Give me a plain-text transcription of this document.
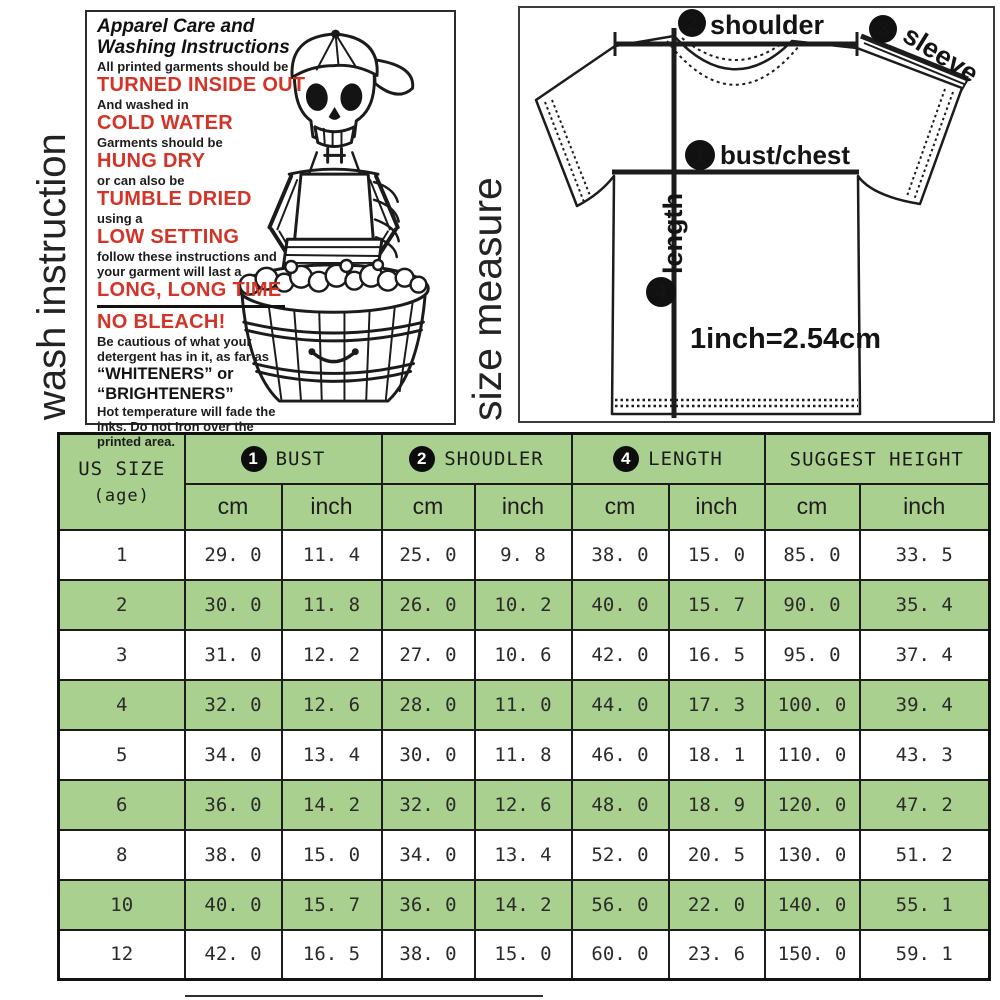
wash instruction	size measure
Apparel Care and
Washing Instructions
All printed garments should be
TURNED INSIDE OUT
And washed in
COLD WATER
Garments should be
HUNG DRY
or can also be
TUMBLE DRIED
using a
LOW SETTING
follow these instructions and
your garment will last a
LONG, LONG TIME
NO BLEACH!
Be cautious of what your
detergent has in it, as far as
“WHITENERS” or
“BRIGHTENERS”
Hot temperature will fade the
inks. Do not Iron over the
printed area.
2 shoulder	3 sleeve
1 bust/chest
4
length
1inch=2.54cm
US SIZE
(age)	1 BUST		2 SHOUDLER		4 LENGTH		SUGGEST HEIGHT	
	cm	inch	cm	inch	cm	inch	cm	inch
1	29. 0	11. 4	25. 0	9. 8	38. 0	15. 0	85. 0	33. 5
2	30. 0	11. 8	26. 0	10. 2	40. 0	15. 7	90. 0	35. 4
3	31. 0	12. 2	27. 0	10. 6	42. 0	16. 5	95. 0	37. 4
4	32. 0	12. 6	28. 0	11. 0	44. 0	17. 3	100. 0	39. 4
5	34. 0	13. 4	30. 0	11. 8	46. 0	18. 1	110. 0	43. 3
6	36. 0	14. 2	32. 0	12. 6	48. 0	18. 9	120. 0	47. 2
8	38. 0	15. 0	34. 0	13. 4	52. 0	20. 5	130. 0	51. 2
10	40. 0	15. 7	36. 0	14. 2	56. 0	22. 0	140. 0	55. 1
12	42. 0	16. 5	38. 0	15. 0	60. 0	23. 6	150. 0	59. 1
